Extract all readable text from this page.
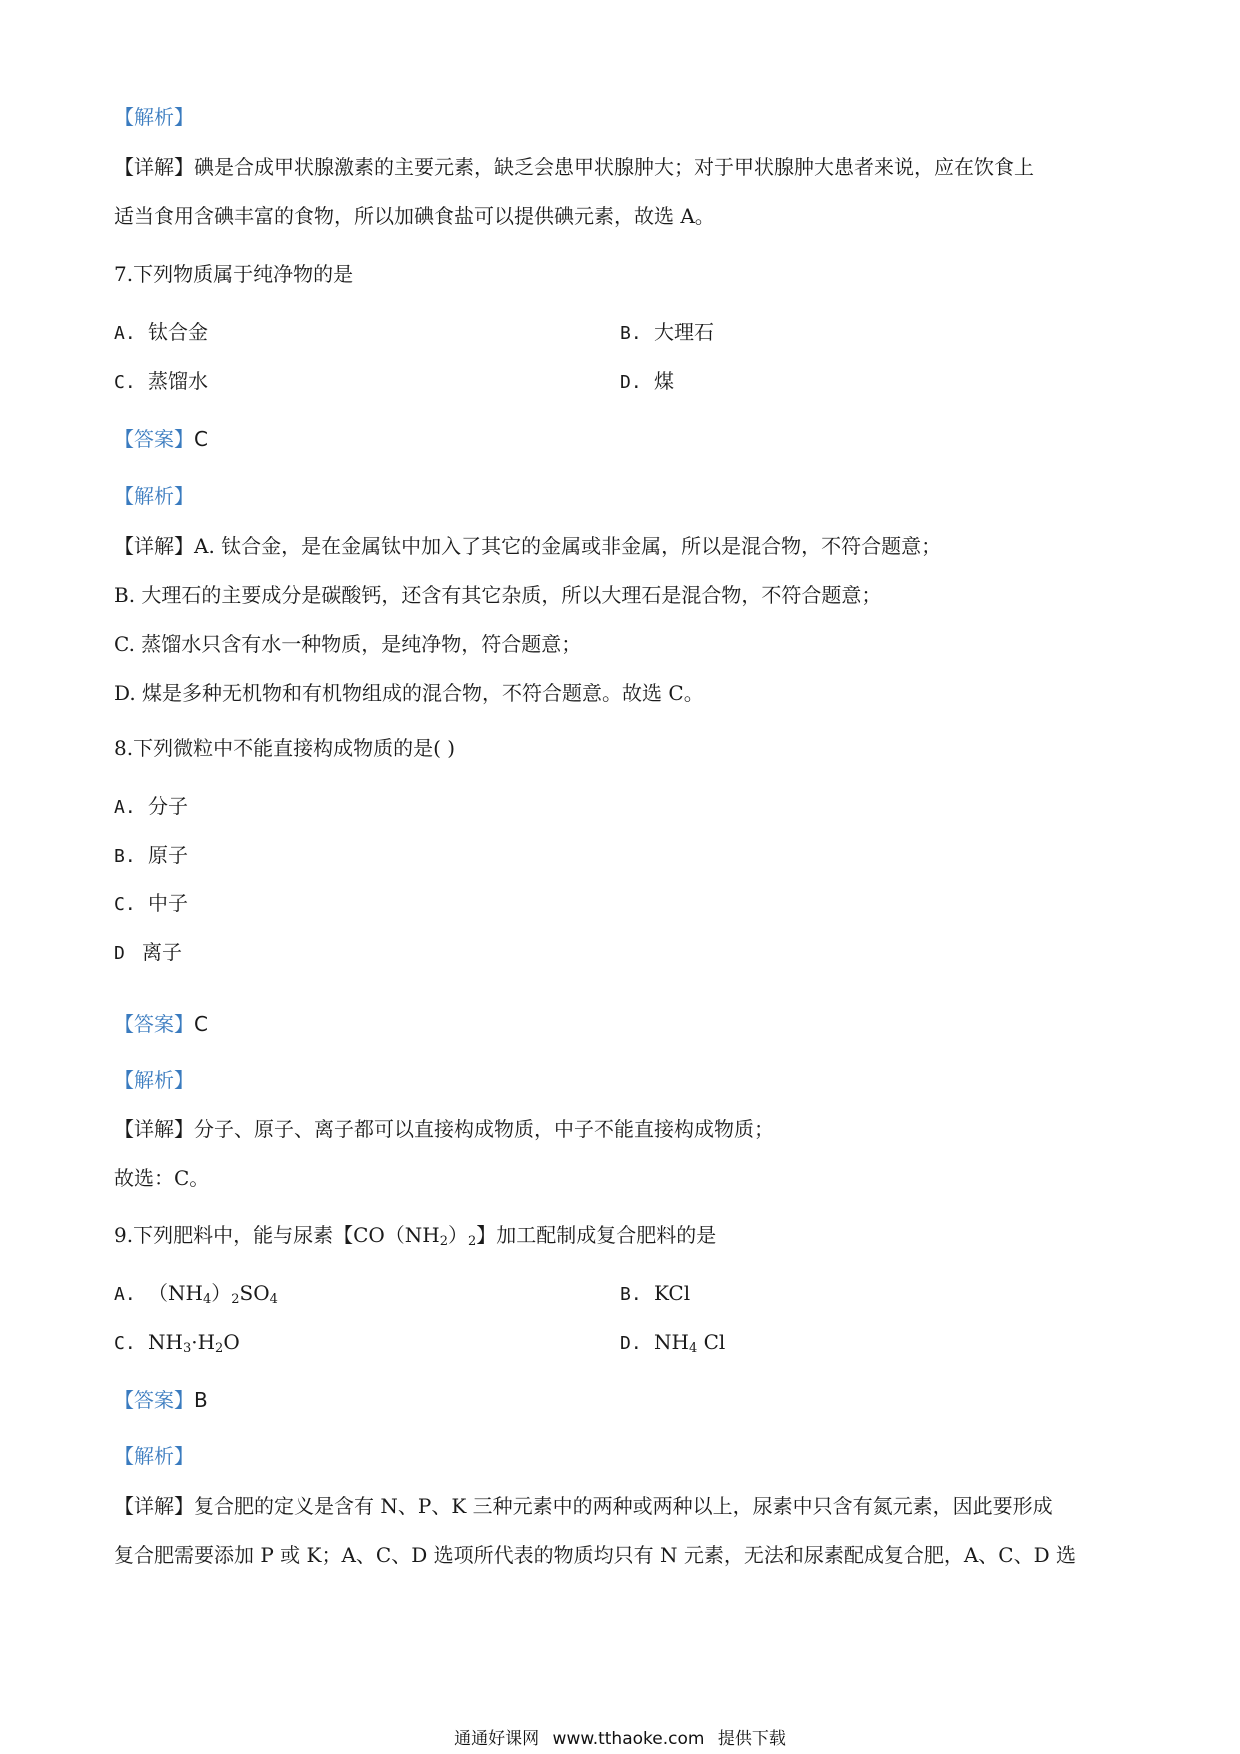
【解析】
【详解】碘是合成甲状腺激素的主要元素，缺乏会患甲状腺肿大；对于甲状腺肿大患者来说，应在饮食上
适当食用含碘丰富的食物，所以加碘食盐可以提供碘元素，故选 A。
7.下列物质属于纯净物的是
A. 钛合金	B. 大理石
C. 蒸馏水	D. 煤
【答案】C
【解析】
【详解】A. 钛合金，是在金属钛中加入了其它的金属或非金属，所以是混合物，不符合题意；
B. 大理石的主要成分是碳酸钙，还含有其它杂质，所以大理石是混合物，不符合题意；
C. 蒸馏水只含有水一种物质，是纯净物，符合题意；
D. 煤是多种无机物和有机物组成的混合物，不符合题意。故选 C。
8.下列微粒中不能直接构成物质的是( )
A. 分子
B. 原子
C. 中子
D 离子
【答案】C
【解析】
【详解】分子、原子、离子都可以直接构成物质，中子不能直接构成物质；
故选：C。
9.下列肥料中，能与尿素【$CO(NH_2)_2$】加工配制成复合肥料的是
A. $(NH_4)_2SO_4$	B. KCl
C. $NH_3\cdot H_2O$	D. $NH_4$ Cl
【答案】B
【解析】
【详解】复合肥的定义是含有 N、P、K 三种元素中的两种或两种以上，尿素中只含有氮元素，因此要形成
复合肥需要添加 P 或 K；A、C、D 选项所代表的物质均只有 N 元素，无法和尿素配成复合肥，A、C、D 选
通通好课网 www.tthaoke.com 提供下载
